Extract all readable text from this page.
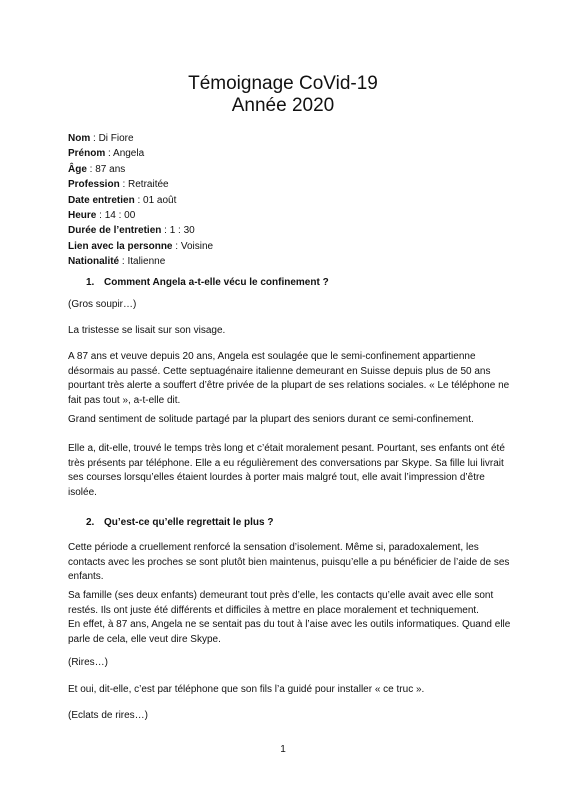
Témoignage CoVid-19
Année 2020
Nom : Di Fiore
Prénom : Angela
Âge : 87 ans
Profession : Retraitée
Date entretien : 01 août
Heure : 14 : 00
Durée de l’entretien : 1 : 30
Lien avec la personne : Voisine
Nationalité : Italienne
1. Comment Angela a-t-elle vécu le confinement ?
(Gros soupir…)
La tristesse se lisait sur son visage.
A 87 ans et veuve depuis 20 ans, Angela est soulagée que le semi-confinement appartienne
désormais au passé. Cette septuagénaire italienne demeurant en Suisse depuis plus de 50 ans
pourtant très alerte a souffert d’être privée de la plupart de ses relations sociales. « Le téléphone ne
fait pas tout », a-t-elle dit.
Grand sentiment de solitude partagé par la plupart des seniors durant ce semi-confinement.
Elle a, dit-elle, trouvé le temps très long et c’était moralement pesant. Pourtant, ses enfants ont été
très présents par téléphone. Elle a eu régulièrement des conversations par Skype. Sa fille lui livrait
ses courses lorsqu’elles étaient lourdes à porter mais malgré tout, elle avait l’impression d’être
isolée.
2. Qu’est-ce qu’elle regrettait le plus ?
Cette période a cruellement renforcé la sensation d’isolement. Même si, paradoxalement, les
contacts avec les proches se sont plutôt bien maintenus, puisqu’elle a pu bénéficier de l’aide de ses
enfants.
Sa famille (ses deux enfants) demeurant tout près d’elle, les contacts qu’elle avait avec elle sont
restés. Ils ont juste été différents et difficiles à mettre en place moralement et techniquement.
En effet, à 87 ans, Angela ne se sentait pas du tout à l’aise avec les outils informatiques. Quand elle
parle de cela, elle veut dire Skype.
(Rires…)
Et oui, dit-elle, c’est par téléphone que son fils l’a guidé pour installer « ce truc ».
(Eclats de rires…)
1
